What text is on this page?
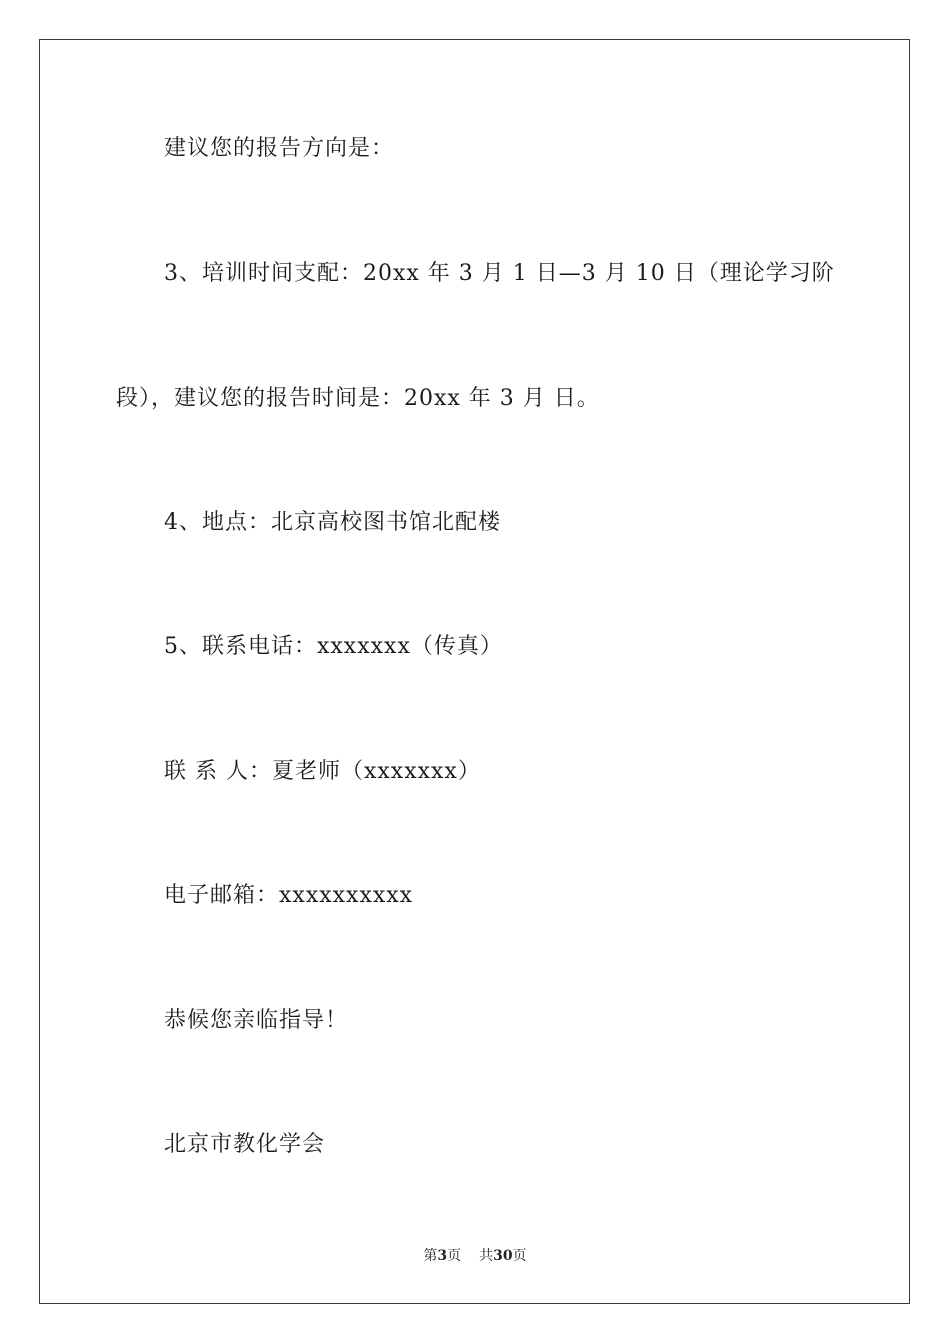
建议您的报告方向是：
3、培训时间支配：20xx 年 3 月 1 日—3 月 10 日（理论学习阶
段），建议您的报告时间是：20xx 年 3 月 日。
4、地点：北京高校图书馆北配楼
5、联系电话：xxxxxxx（传真）
联 系 人：夏老师（xxxxxxx）
电子邮箱：xxxxxxxxxx
恭候您亲临指导！
北京市教化学会
第3页 共30页
